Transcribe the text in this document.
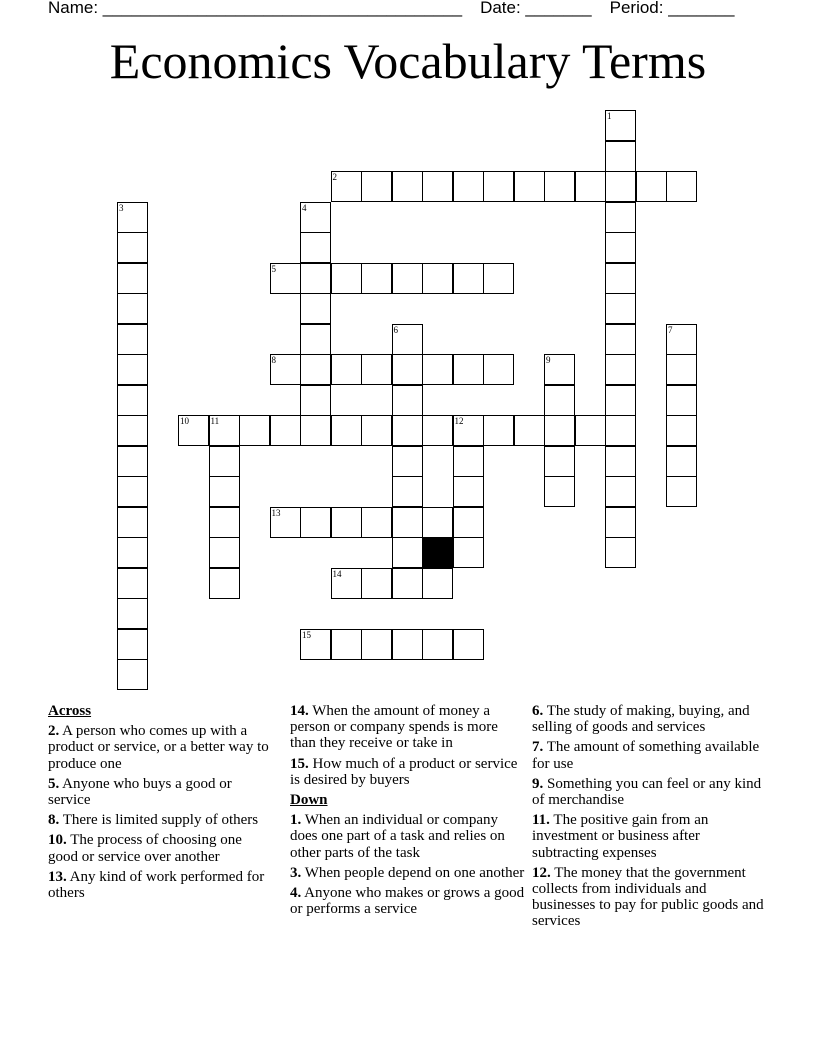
Name: ______________________________________ Date: _______ Period: _______
Economics Vocabulary Terms
2
5
8
10 11	12
13
14
15
1
3	4
6	7
9
Across
2. A person who comes up with a product or service, or a better way to produce one
5. Anyone who buys a good or service
8. There is limited supply of others
10. The process of choosing one good or service over another
13. Any kind of work performed for others
14. When the amount of money a person or company spends is more than they receive or take in
15. How much of a product or service is desired by buyers
Down
1. When an individual or company does one part of a task and relies on other parts of the task
3. When people depend on one another
4. Anyone who makes or grows a good or performs a service
6. The study of making, buying, and selling of goods and services
7. The amount of something available for use
9. Something you can feel or any kind of merchandise
11. The positive gain from an investment or business after subtracting expenses
12. The money that the government collects from individuals and businesses to pay for public goods and services
